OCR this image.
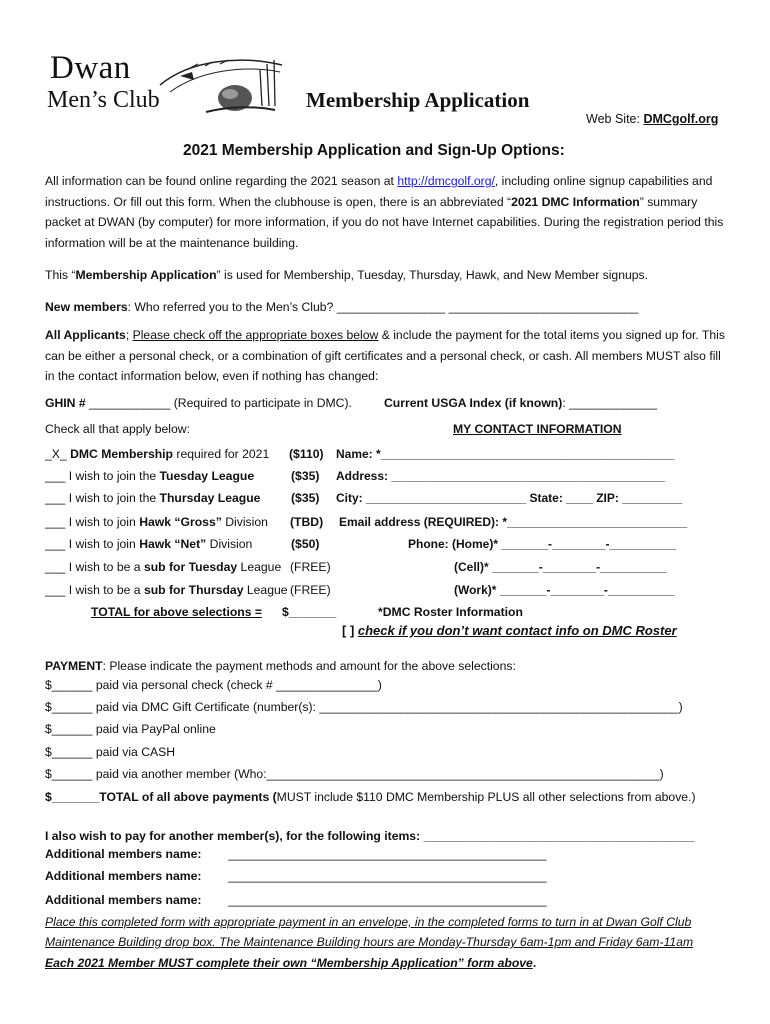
Dwan
Men’s Club	Membership Application
Web Site: DMCgolf.org
2021 Membership Application and Sign-Up Options:
All information can be found online regarding the 2021 season at http://dmcgolf.org/, including online signup capabilities and instructions. Or fill out this form. When the clubhouse is open, there is an abbreviated “2021 DMC Information” summary packet at DWAN (by computer) for more information, if you do not have Internet capabilities. During the registration period this information will be at the maintenance building.
This “Membership Application” is used for Membership, Tuesday, Thursday, Hawk, and New Member signups.
New members: Who referred you to the Men’s Club? ________________ ____________________________
All Applicants; Please check off the appropriate boxes below & include the payment for the total items you signed up for. This can be either a personal check, or a combination of gift certificates and a personal check, or cash. All members MUST also fill in the contact information below, even if nothing has changed:
GHIN # ____________ (Required to participate in DMC).	Current USGA Index (if known): _____________
Check all that apply below:	MY CONTACT INFORMATION
_X_ DMC Membership required for 2021 ($110)
___ I wish to join the Tuesday League	($35)
___ I wish to join the Thursday League	($35)
___ I wish to join Hawk “Gross” Division (TBD)
___ I wish to join Hawk “Net” Division	($50)
___ I wish to be a sub for Tuesday League (FREE)
___ I wish to be a sub for Thursday League (FREE)
TOTAL for above selections = $_______
Name: *____________________________________________
Address: _________________________________________
City: ________________________ State: ____ ZIP: _________
Email address (REQUIRED): *___________________________
Phone: (Home)* _______-________-__________
(Cell)* _______-________-__________
(Work)* _______-________-__________
*DMC Roster Information
[ ] check if you don’t want contact info on DMC Roster
PAYMENT: Please indicate the payment methods and amount for the above selections:
$______ paid via personal check (check # _______________)
$______ paid via DMC Gift Certificate (number(s): _____________________________________________________)
$______ paid via PayPal online
$______ paid via CASH
$______ paid via another member (Who:__________________________________________________________)
$_______TOTAL of all above payments (MUST include $110 DMC Membership PLUS all other selections from above.)
I also wish to pay for another member(s), for the following items: ________________________________________
Additional members name: _______________________________________________
Additional members name: _______________________________________________
Additional members name: _______________________________________________
Place this completed form with appropriate payment in an envelope, in the completed forms to turn in at Dwan Golf Club
Maintenance Building drop box. The Maintenance Building hours are Monday-Thursday 6am-1pm and Friday 6am-11am
Each 2021 Member MUST complete their own “Membership Application” form above.
